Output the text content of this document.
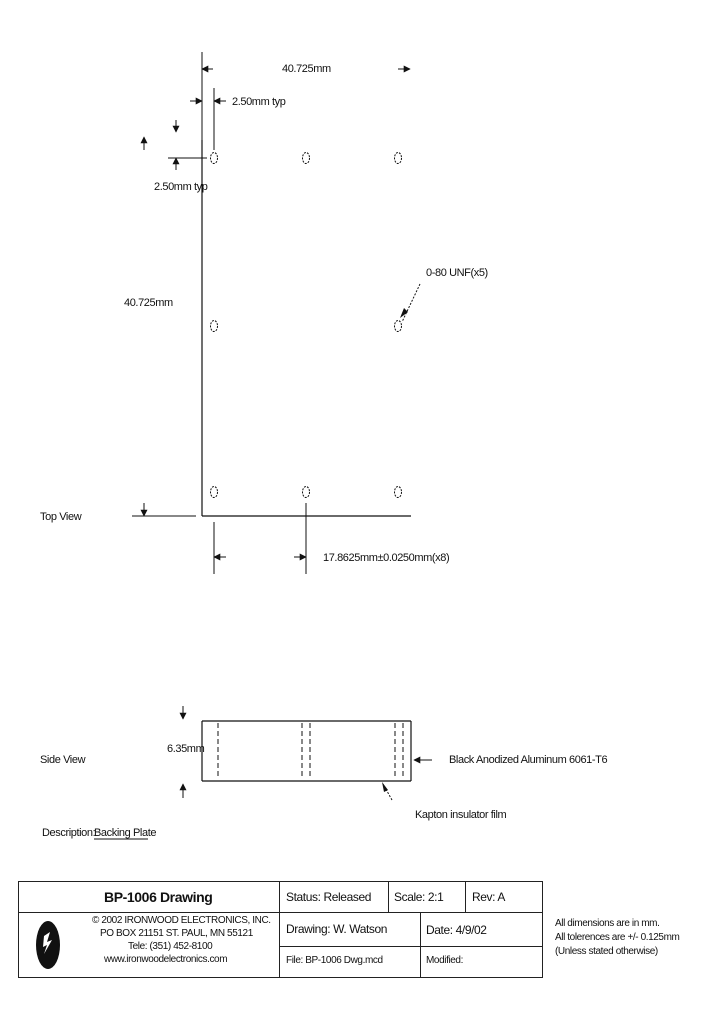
40.725mm
2.50mm typ
2.50mm typ
40.725mm
0-80 UNF(x5)
17.8625mm±0.0250mm(x8)
Top View
6.35mm
Black Anodized Aluminum 6061-T6
Kapton insulator film
Side View
Description:
Backing Plate
BP-1006 Drawing	Status: Released Scale: 2:1 Rev: A
© 2002 IRONWOOD ELECTRONICS, INC.
PO BOX 21151 ST. PAUL, MN 55121
Tele: (351) 452-8100
www.ironwoodelectronics.com
Drawing: W. Watson	Date: 4/9/02
File: BP-1006 Dwg.mcd	Modified:
All dimensions are in mm.
All tolerences are +/- 0.125mm
(Unless stated otherwise)
